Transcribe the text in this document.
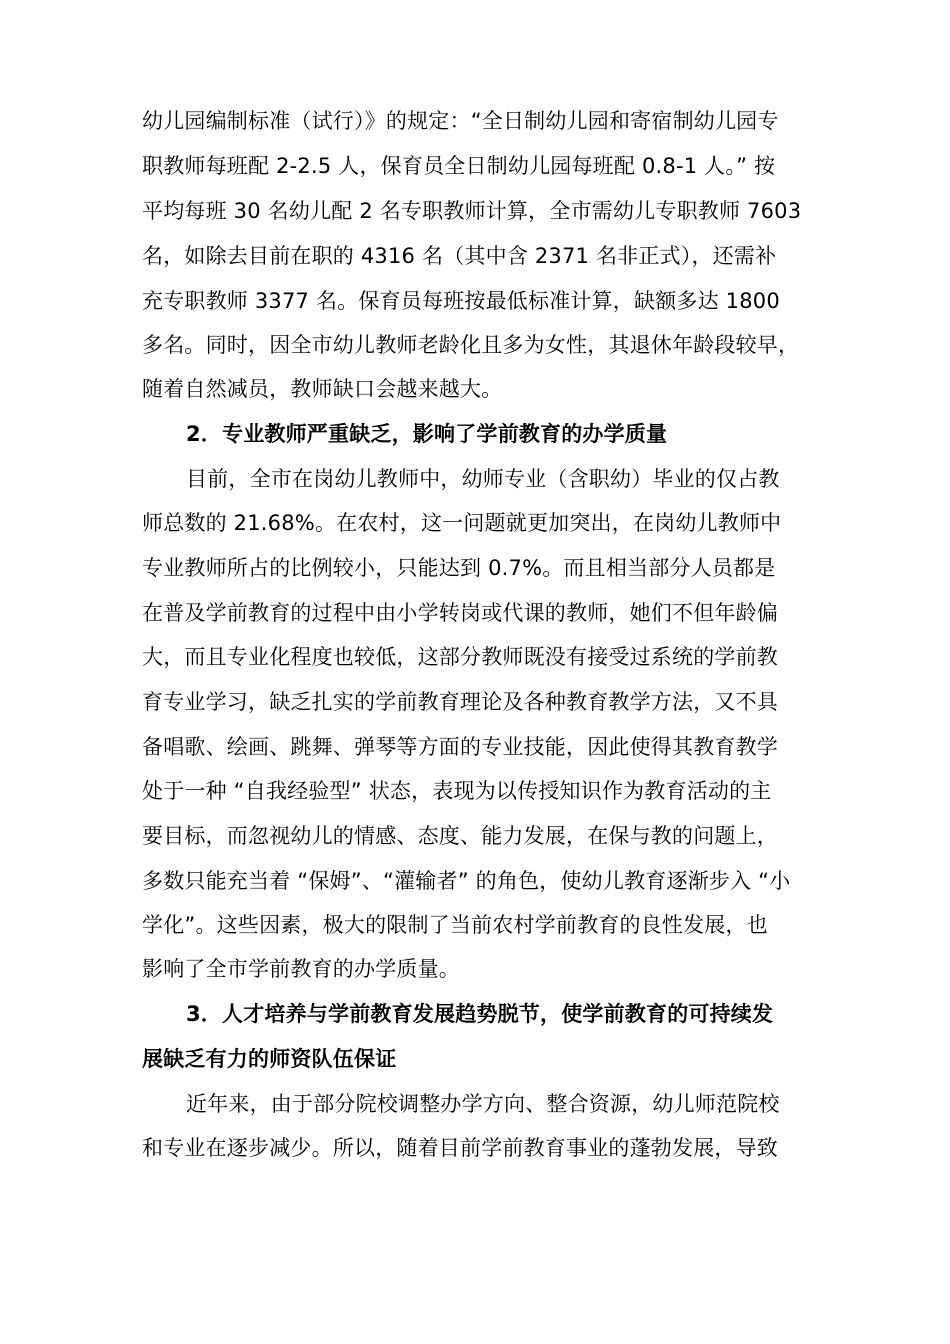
幼儿园编制标准（试行）》的规定：“全日制幼儿园和寄宿制幼儿园专
职教师每班配 2-2.5 人，保育员全日制幼儿园每班配 0.8-1 人。” 按
平均每班 30 名幼儿配 2 名专职教师计算，全市需幼儿专职教师 7603
名，如除去目前在职的 4316 名（其中含 2371 名非正式），还需补
充专职教师 3377 名。保育员每班按最低标准计算，缺额多达 1800
多名。同时，因全市幼儿教师老龄化且多为女性，其退休年龄段较早，
随着自然减员，教师缺口会越来越大。
2．专业教师严重缺乏，影响了学前教育的办学质量
目前，全市在岗幼儿教师中，幼师专业（含职幼）毕业的仅占教
师总数的 21.68%。在农村，这一问题就更加突出，在岗幼儿教师中
专业教师所占的比例较小，只能达到 0.7%。而且相当部分人员都是
在普及学前教育的过程中由小学转岗或代课的教师，她们不但年龄偏
大，而且专业化程度也较低，这部分教师既没有接受过系统的学前教
育专业学习，缺乏扎实的学前教育理论及各种教育教学方法，又不具
备唱歌、绘画、跳舞、弹琴等方面的专业技能，因此使得其教育教学
处于一种 “自我经验型” 状态，表现为以传授知识作为教育活动的主
要目标，而忽视幼儿的情感、态度、能力发展，在保与教的问题上，
多数只能充当着 “保姆”、“灌输者” 的角色，使幼儿教育逐渐步入 “小
学化”。这些因素，极大的限制了当前农村学前教育的良性发展，也
影响了全市学前教育的办学质量。
3．人才培养与学前教育发展趋势脱节，使学前教育的可持续发
展缺乏有力的师资队伍保证
近年来，由于部分院校调整办学方向、整合资源，幼儿师范院校
和专业在逐步减少。所以，随着目前学前教育事业的蓬勃发展，导致
